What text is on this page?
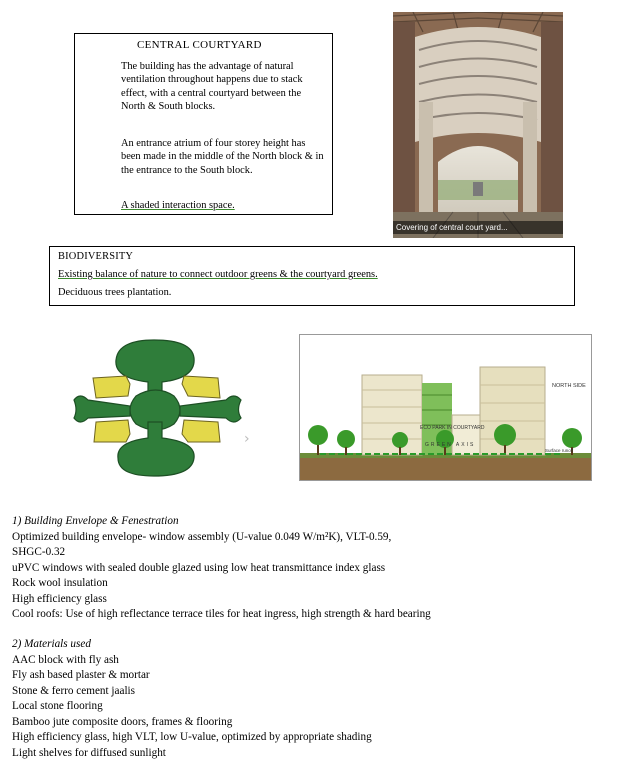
CENTRAL COURTYARD
The building has the advantage of natural ventilation throughout happens due to stack effect, with a central courtyard between the North & South blocks.
An entrance atrium of four storey height has been made in the middle of the North block & in the entrance to the South block.
A shaded interaction space.
Covering of central court yard...
BIODIVERSITY
Existing balance of nature to connect outdoor greens & the courtyard greens.
Deciduous trees plantation.
›
NORTH SIDE
ECO PARK IN COURTYARD
GREEN AXIS
Surface runoff
1) Building Envelope & Fenestration
Optimized building envelope- window assembly (U-value 0.049 W/m²K), VLT-0.59,
SHGC-0.32
uPVC windows with sealed double glazed using low heat transmittance index glass
Rock wool insulation
High efficiency glass
Cool roofs: Use of high reflectance terrace tiles for heat ingress, high strength & hard bearing
2) Materials used
AAC block with fly ash
Fly ash based plaster & mortar
Stone & ferro cement jaalis
Local stone flooring
Bamboo jute composite doors, frames & flooring
High efficiency glass, high VLT, low U-value, optimized by appropriate shading
Light shelves for diffused sunlight
